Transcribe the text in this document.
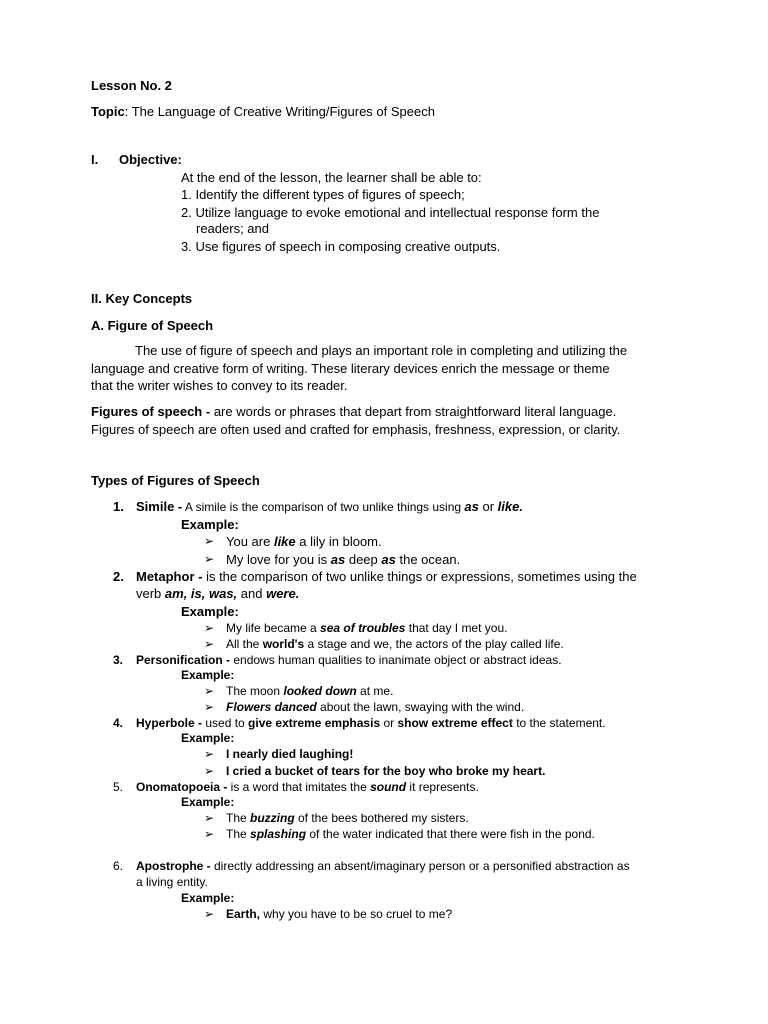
Lesson No. 2
Topic: The Language of Creative Writing/Figures of Speech
I. Objective:
At the end of the lesson, the learner shall be able to:
1. Identify the different types of figures of speech;
2. Utilize language to evoke emotional and intellectual response form the
readers; and
3. Use figures of speech in composing creative outputs.
II. Key Concepts
A. Figure of Speech
The use of figure of speech and plays an important role in completing and utilizing the
language and creative form of writing. These literary devices enrich the message or theme
that the writer wishes to convey to its reader.
Figures of speech - are words or phrases that depart from straightforward literal language.
Figures of speech are often used and crafted for emphasis, freshness, expression, or clarity.
Types of Figures of Speech
1. Simile - A simile is the comparison of two unlike things using as or like.
Example:
➢ You are like a lily in bloom.
➢ My love for you is as deep as the ocean.
2. Metaphor - is the comparison of two unlike things or expressions, sometimes using the
verb am, is, was, and were.
Example:
➢ My life became a sea of troubles that day I met you.
➢ All the world's a stage and we, the actors of the play called life.
3. Personification - endows human qualities to inanimate object or abstract ideas.
Example:
➢ The moon looked down at me.
➢ Flowers danced about the lawn, swaying with the wind.
4. Hyperbole - used to give extreme emphasis or show extreme effect to the statement.
Example:
➢ I nearly died laughing!
➢ I cried a bucket of tears for the boy who broke my heart.
5. Onomatopoeia - is a word that imitates the sound it represents.
Example:
➢ The buzzing of the bees bothered my sisters.
➢ The splashing of the water indicated that there were fish in the pond.
6. Apostrophe - directly addressing an absent/imaginary person or a personified abstraction as
a living entity.
Example:
➢ Earth, why you have to be so cruel to me?
